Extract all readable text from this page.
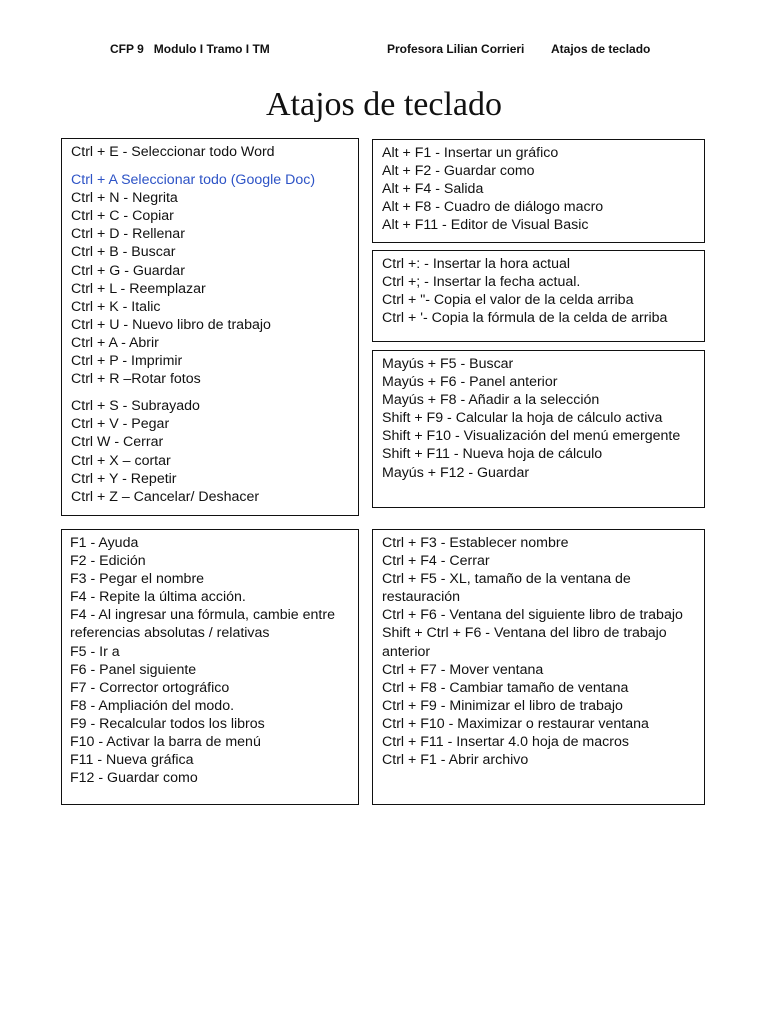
CFP 9   Modulo I Tramo I TM	Profesora Lilian Corrieri Atajos de teclado
Atajos de teclado
Ctrl + E - Seleccionar todo Word
Ctrl + A Seleccionar todo (Google Doc)
Ctrl + N - Negrita
Ctrl + C - Copiar
Ctrl + D - Rellenar
Ctrl + B - Buscar
Ctrl + G - Guardar
Ctrl + L - Reemplazar
Ctrl + K - Italic
Ctrl + U - Nuevo libro de trabajo
Ctrl + A - Abrir
Ctrl + P - Imprimir
Ctrl + R –Rotar fotos
Ctrl + S - Subrayado
Ctrl + V - Pegar
Ctrl W - Cerrar
Ctrl + X – cortar
Ctrl + Y - Repetir
Ctrl + Z – Cancelar/ Deshacer
Alt + F1 - Insertar un gráfico
Alt + F2 - Guardar como
Alt + F4 - Salida
Alt + F8 - Cuadro de diálogo macro
Alt + F11 - Editor de Visual Basic
Ctrl +: - Insertar la hora actual
Ctrl +; - Insertar la fecha actual.
Ctrl + "- Copia el valor de la celda arriba
Ctrl + '- Copia la fórmula de la celda de arriba
Mayús + F5 - Buscar
Mayús + F6 - Panel anterior
Mayús + F8 - Añadir a la selección
Shift + F9 - Calcular la hoja de cálculo activa
Shift + F10 - Visualización del menú emergente
Shift + F11 - Nueva hoja de cálculo
Mayús + F12 - Guardar
F1 - Ayuda
F2 - Edición
F3 - Pegar el nombre
F4 - Repite la última acción.
F4 - Al ingresar una fórmula, cambie entre referencias absolutas / relativas
F5 - Ir a
F6 - Panel siguiente
F7 - Corrector ortográfico
F8 - Ampliación del modo.
F9 - Recalcular todos los libros
F10 - Activar la barra de menú
F11 - Nueva gráfica
F12 - Guardar como
Ctrl + F3 - Establecer nombre
Ctrl + F4 - Cerrar
Ctrl + F5 - XL, tamaño de la ventana de restauración
Ctrl + F6 - Ventana del siguiente libro de trabajo
Shift + Ctrl + F6 - Ventana del libro de trabajo anterior
Ctrl + F7 - Mover ventana
Ctrl + F8 - Cambiar tamaño de ventana
Ctrl + F9 - Minimizar el libro de trabajo
Ctrl + F10 - Maximizar o restaurar ventana
Ctrl + F11 - Insertar 4.0 hoja de macros
Ctrl + F1 - Abrir archivo
